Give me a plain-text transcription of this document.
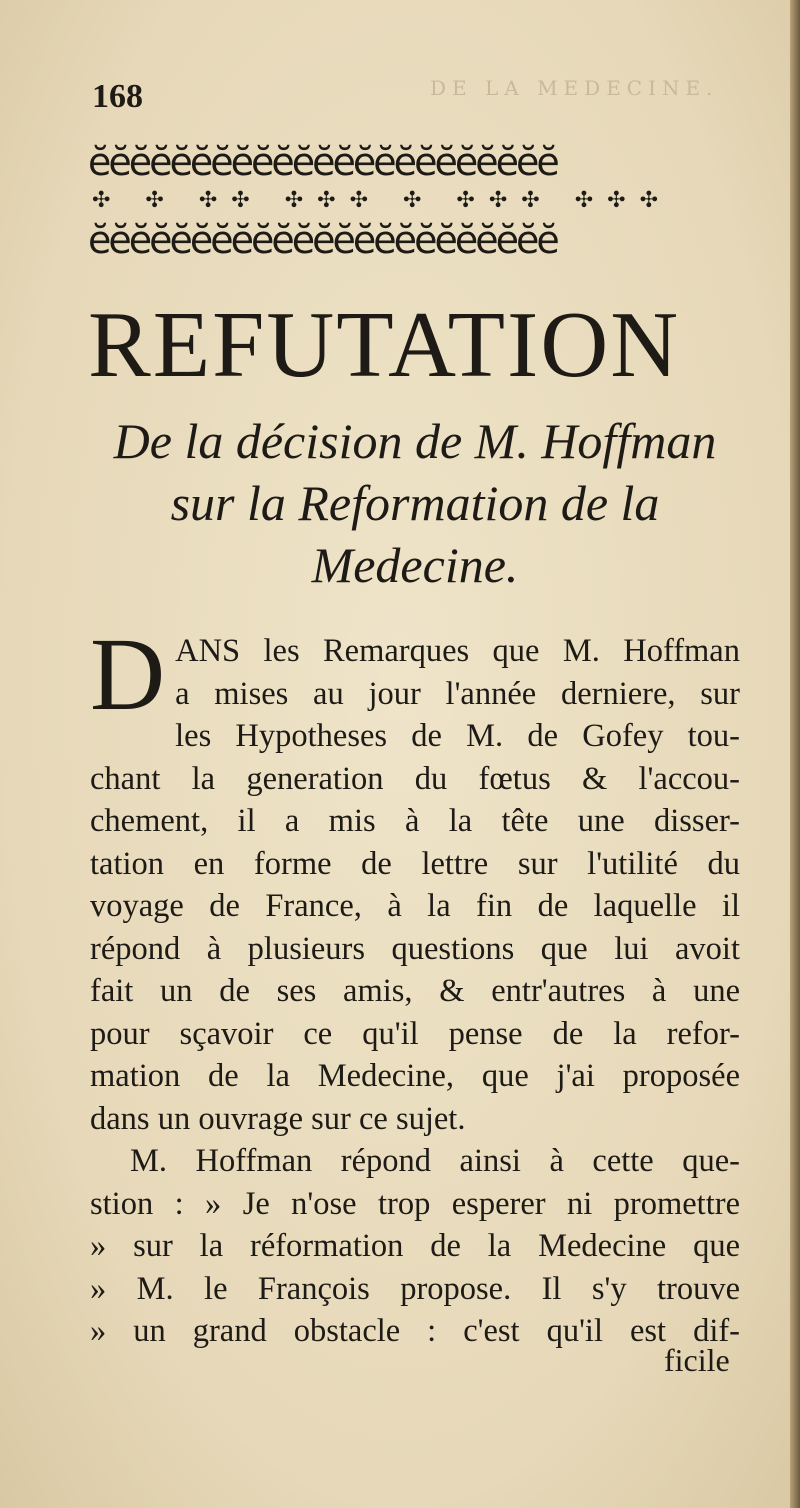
168	DE LA MEDECINE.
ĕĕĕĕĕĕĕĕĕĕĕĕĕĕĕĕĕĕĕĕĕĕĕ
✣ ✣ ✣✣ ✣✣✣ ✣ ✣✣✣ ✣✣✣
ĕĕĕĕĕĕĕĕĕĕĕĕĕĕĕĕĕĕĕĕĕĕĕ
REFUTATION
De la décision de M. Hoffman
sur la Reformation de la
Medecine.
D ANS les Remarques que M. Hoffman
a mises au jour l'année derniere, sur
les Hypotheses de M. de Gofey tou-
chant la generation du fœtus & l'accou-
chement, il a mis à la tête une disser-
tation en forme de lettre sur l'utilité du
voyage de France, à la fin de laquelle il
répond à plusieurs questions que lui avoit
fait un de ses amis, & entr'autres à une
pour sçavoir ce qu'il pense de la refor-
mation de la Medecine, que j'ai proposée
dans un ouvrage sur ce sujet.
M. Hoffman répond ainsi à cette que-
stion : » Je n'ose trop esperer ni promettre
» sur la réformation de la Medecine que
» M. le François propose. Il s'y trouve
» un grand obstacle : c'est qu'il est dif-
ficile
